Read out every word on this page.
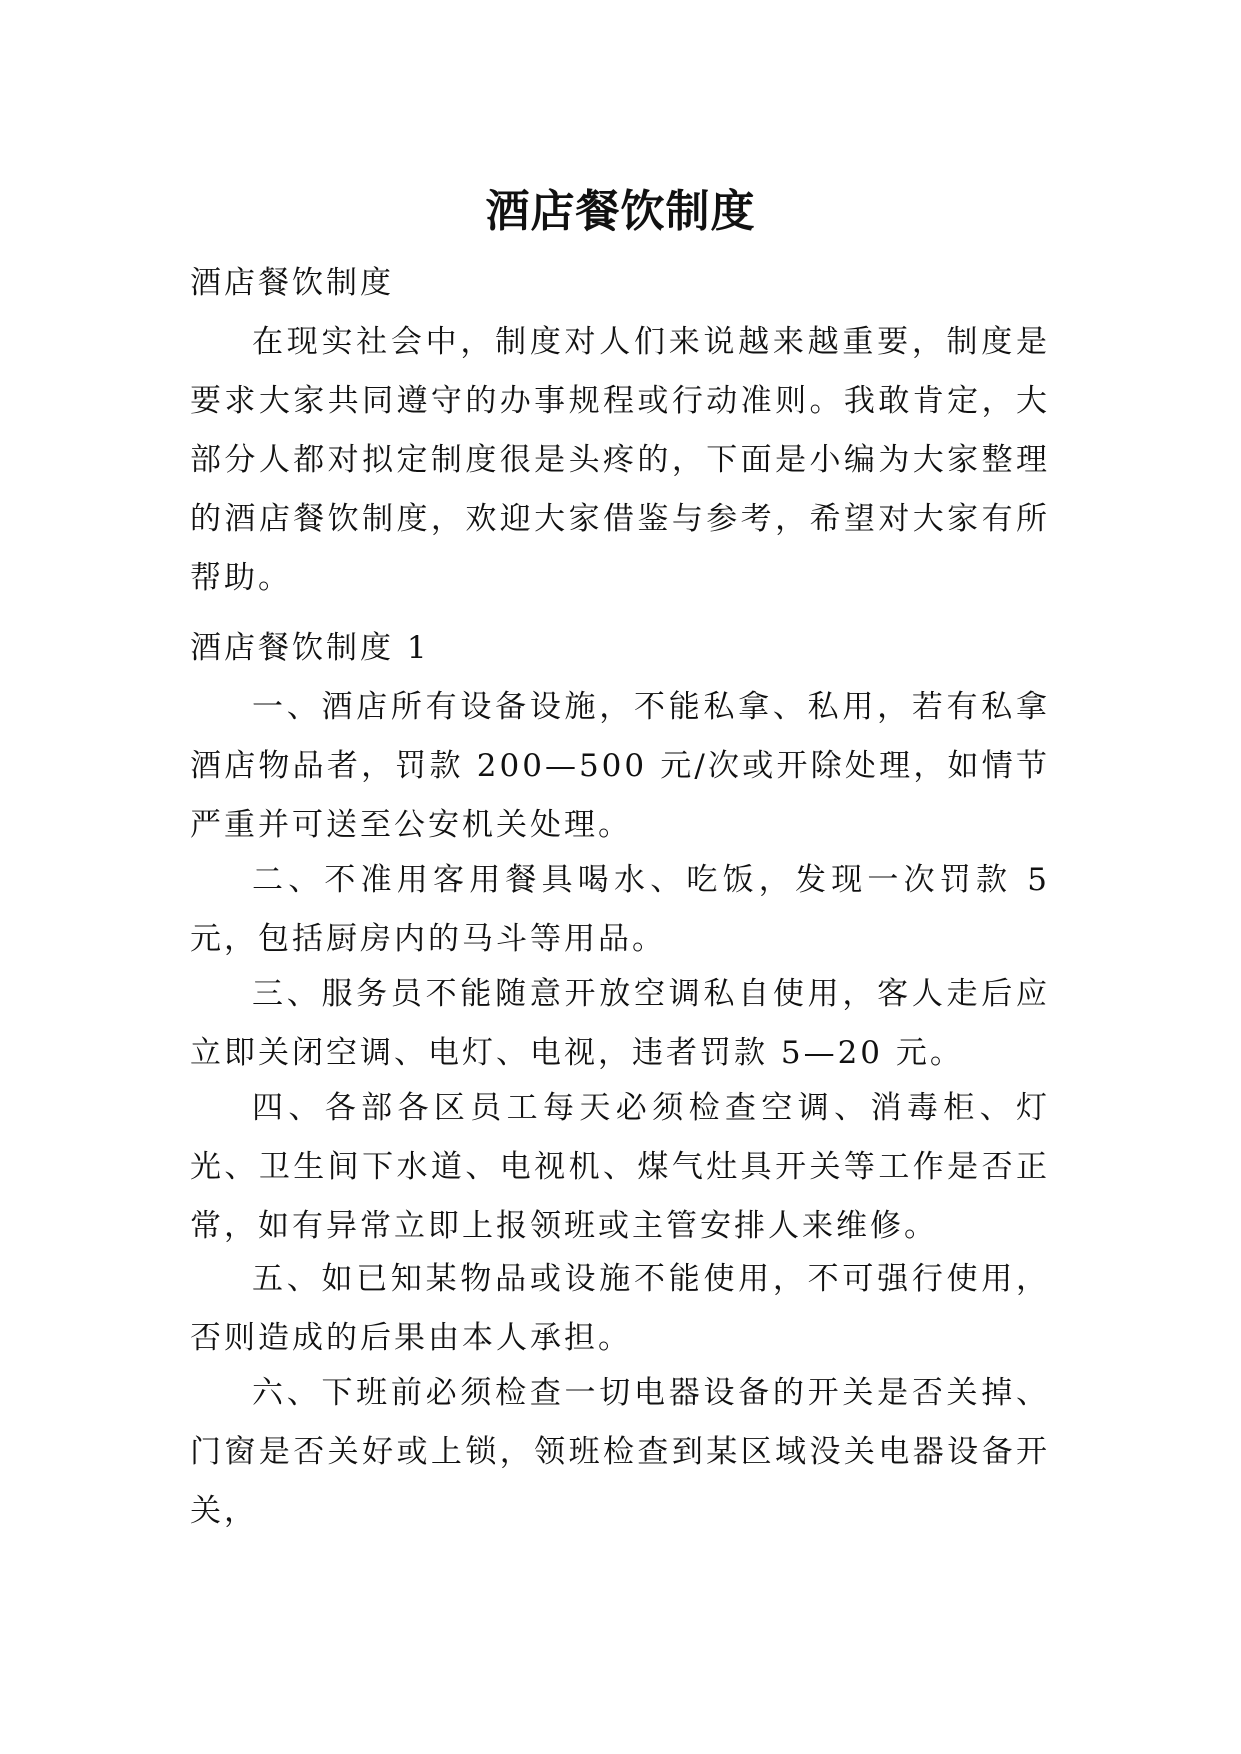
酒店餐饮制度

酒店餐饮制度

在现实社会中，制度对人们来说越来越重要，制度是要求大家共同遵守的办事规程或行动准则。我敢肯定，大部分人都对拟定制度很是头疼的，下面是小编为大家整理的酒店餐饮制度，欢迎大家借鉴与参考，希望对大家有所帮助。

酒店餐饮制度 1

一、酒店所有设备设施，不能私拿、私用，若有私拿酒店物品者，罚款 200—500 元/次或开除处理，如情节严重并可送至公安机关处理。

二、不准用客用餐具喝水、吃饭，发现一次罚款 5 元，包括厨房内的马斗等用品。

三、服务员不能随意开放空调私自使用，客人走后应立即关闭空调、电灯、电视，违者罚款 5—20 元。

四、各部各区员工每天必须检查空调、消毒柜、灯光、卫生间下水道、电视机、煤气灶具开关等工作是否正常，如有异常立即上报领班或主管安排人来维修。

五、如已知某物品或设施不能使用，不可强行使用，否则造成的后果由本人承担。

六、下班前必须检查一切电器设备的开关是否关掉、门窗是否关好或上锁，领班检查到某区域没关电器设备开关，
